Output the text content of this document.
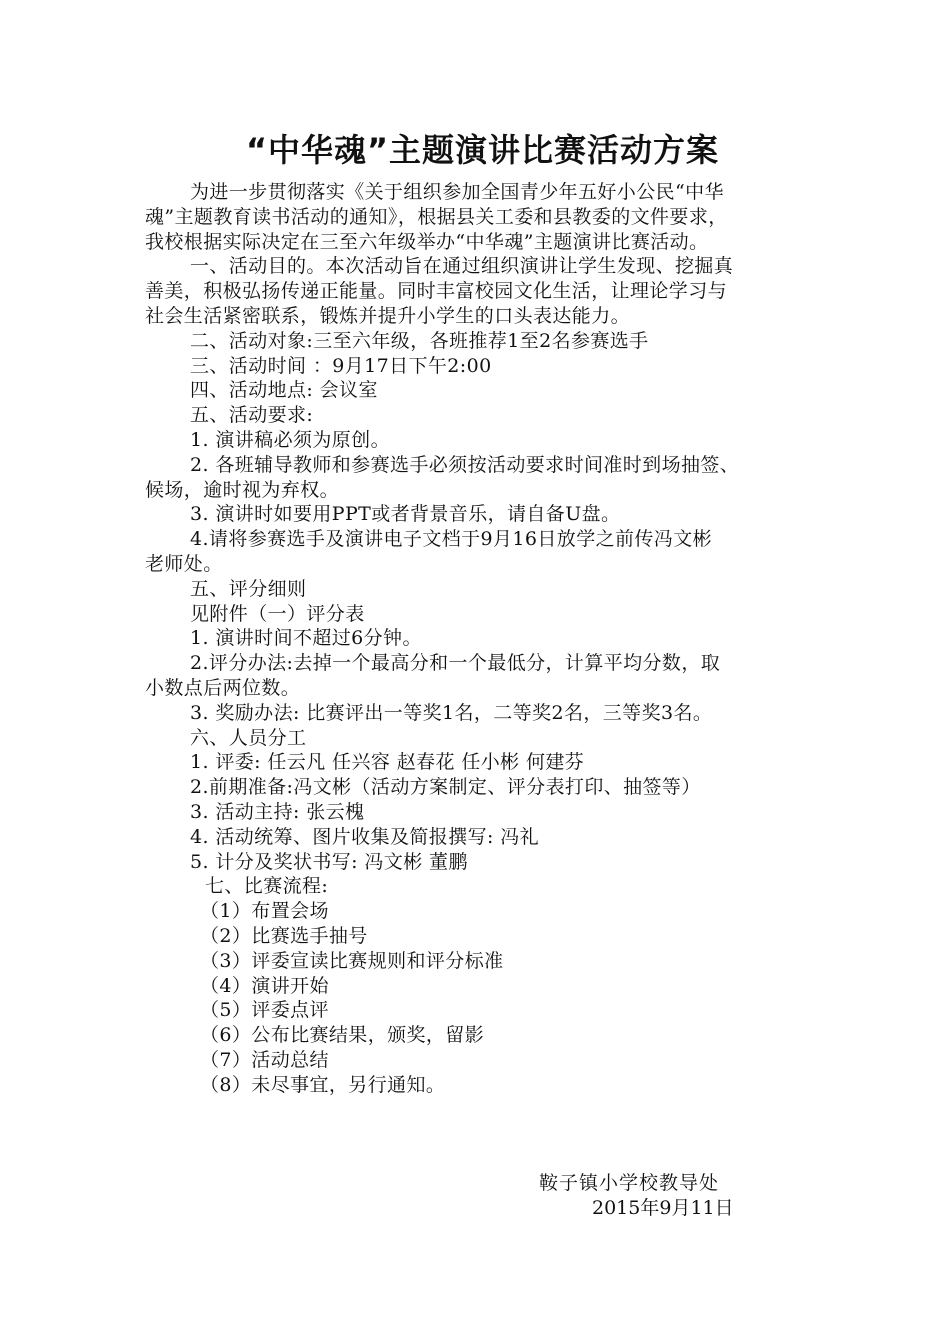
“中华魂”主题演讲比赛活动方案

为进一步贯彻落实《关于组织参加全国青少年五好小公民“中华

魂”主题教育读书活动的通知》，根据县关工委和县教委的文件要求，

我校根据实际决定在三至六年级举办“中华魂”主题演讲比赛活动。

一、活动目的。本次活动旨在通过组织演讲让学生发现、挖掘真

善美，积极弘扬传递正能量。同时丰富校园文化生活，让理论学习与

社会生活紧密联系，锻炼并提升小学生的口头表达能力。

二、活动对象:三至六年级，各班推荐1至2名参赛选手

三、活动时间 ：9月17日下午2:00

四、活动地点: 会议室

五、活动要求:

1. 演讲稿必须为原创。

2. 各班辅导教师和参赛选手必须按活动要求时间准时到场抽签、

候场，逾时视为弃权。

3. 演讲时如要用PPT或者背景音乐，请自备U盘。

4.请将参赛选手及演讲电子文档于9月16日放学之前传冯文彬

老师处。

五、评分细则

见附件（一）评分表

1. 演讲时间不超过6分钟。

2.评分办法:去掉一个最高分和一个最低分，计算平均分数，取

小数点后两位数。

3. 奖励办法: 比赛评出一等奖1名，二等奖2名，三等奖3名。

六、人员分工

1. 评委: 任云凡 任兴容 赵春花 任小彬 何建芬

2.前期准备:冯文彬（活动方案制定、评分表打印、抽签等）

3. 活动主持: 张云槐

4. 活动统筹、图片收集及简报撰写: 冯礼

5. 计分及奖状书写: 冯文彬 董鹏

七、比赛流程:

（1）布置会场

（2）比赛选手抽号

（3）评委宣读比赛规则和评分标准

（4）演讲开始

（5）评委点评

（6）公布比赛结果，颁奖，留影

（7）活动总结

（8）未尽事宜，另行通知。

鞍子镇小学校教导处
2015年9月11日
